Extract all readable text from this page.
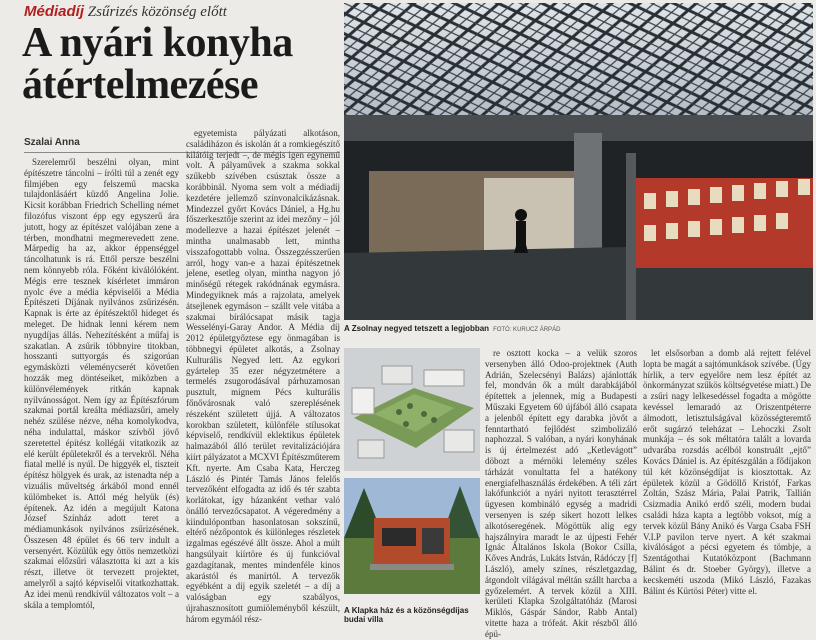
Médiadíj Zsűrizés közönség előtt
A nyári konyha átértelmezése
Szalai Anna

Szerelemről beszélni olyan, mint építészetre táncolni – írólti túl a zenét egy filmjében egy felszemű macska tulajdonlásáért küzdő Angelina Jolie. Kicsit korábban Friedrich Schelling német filozófus viszont épp egy egyszerű ára jutott, hogy az építészet valójában zene a térben, mondhatni megmerevedett zene. Márpedig ha az, akkor éppenséggel táncolhatunk is rá. Ettől persze beszélni nem könnyebb róla. Főként kiválólóként. Mégis erre tesznek kísérletet immáron nyolc éve a média képviselői a Média Építészeti Díjának nyilvános zsűrizésén. Kapnak is érte az építészektől hideget és meleget. De hidnak lenni kérem nem nyugdíjas állás. Nehezítésként a műfaj is szakatlan. A zsűrik többnyire titokban, hosszanti suttyorgás és szigorúan egymásközti véleménycserét követően hozzák meg döntéseiket, miközben a különvélemények ritkán kapnak nyilvánosságot. Nem így az Építészfórum szakmai portál kreálta médiazsűri, amely nehéz szülése nézve, néha komolykodva, néha indulattal, máskor szívből jövő szeretettel építész kollégái vitatkozik az elé került épületekről és a tervekről. Néha fiatal mellé is nyúl. De higgyék el, tiszteit építész hölgyek és urak, az istenadta nép a vizuális műveltség árkából mond ennél külömbeket is. Attól még helyük (és) építenek. Az idén a megújult Katona József Színház adott teret a médiamunkások nyilvános zsűrizésének. Összesen 48 épület és 66 terv indult a versenyért. Közülük egy öttös nemzetközi szakmai előzsűri választotta ki azt a kis részt, illetve öt tervezett projektet, amelyről a sajtó képviselői vitatkozhattak. Az idei menü rendkívül változatos volt – a skála a templomtól,

egyetemista pályázati alkotáson, családiházon és iskolán át a romkiegészítő kilátóig terjedt –, de mégis igen egynemű volt. A pályaművek a szakma sokkal szűkebb szívében csúsztak össze a korábbinál. Nyoma sem volt a médiadíj kezdetére jellemző színvonalcikázásnak. Mindezzel győrt Kovács Dániel, a Hg.hu főszerkesztője szerint az idei mezőny – jól modellezve a hazai építészet jelenét – mintha unalmasabb lett, mintha visszafogottabb volna. Összegzésszerűen arról, hogy van-e a hazai építészetnek jelene, esetleg olyan, mintha nagyon jó minőségű rétegek rakódnának egymásra. Mindegyiknek más a rajzolata, amelyek átsejlenek egymáson – szállt vele vitába a szakmai bírálócsapat másik tagja Wesselényi-Garay Andor. A Média díj 2012 épületgyőztese egy önmagában is többnegyi épületet alkotás, a Zsolnay Kulturális Negyed lett. Az egykori gyártelep 35 ezer négyzetmétere a termelés zsugorodásával párhuzamosan pusztult, mígnem Pécs kulturális főnővárosnak való szereplésének részeként született újjá. A változatos korokban született, különféle stílusokat képviselő, rendkívül eklektikus épületek halmazából álló terület revitalizációjára kiírt pályázatot a MCXVI Építészműterem Kft. nyerte. Am Csaba Kata, Herczeg László és Pintér Tamás János felelős tervezőként elfogadta az idő és tér szabta korlátokat, így házanként vethar való önálló tervezőcsapatot. A végeredmény a kiindulópontban hasonlatosan sokszínű, eltérő nézőpontok és különleges részletek izgalmas egészévé állt össze. Ahol a múlt hangsúlyait kiírtöre és új funkcióval gazdagítanak, mentes mindenféle kinos akarástól és manírtól. A tervezők egyébként a díj egyik szeletét – a díj a valóságban egy szabályos, újrahasznosított gumiöleményből készült, három egymáól rész-

re osztott kocka – a velük szoros versenyben álló Odoo-projektnek (Auth Adrián, Szelecsényi Balázs) ajánlották fel, mondván ők a múlt darabkájából építettek a jelennek, míg a Budapesti Műszaki Egyetem 60 újfából álló csapata a jelenből épített egy darabka jövőt a fenntartható fejlődést szimbolizáló naphozzal. S valóban, a nyári konyhának is új értelmezést adó „Ketlevágott” döbozt a mérnöki lelemény széles tárházát vonultatta fel a hatékony energiafelhasználás érdekében. A téli zárt lakófunkciót a nyári nyitott terasztérrel ügyesen kombináló egység a madridi versenyen is szép sikert hozott lelkes alkotóseregének. Mögöttük alig egy hajszálnyira maradt le az újpesti Fehér Ignác Általános Iskola (Bokor Csilla, Kőves András, Lukáts István, Rádóczy [f] László), amely színes, részletgazdag, átgondolt világával méltán szállt harcba a győzelemért. A tervek közül a XIII. kerületi Klapka Szolgáltatóház (Marosi Miklós, Gáspár Sándor, Rabb Antal) vitette haza a trófeát. Akit részből álló épü-

let elsősorban a domb alá rejtett felével lopta be magát a sajtómunkások szívébe. (Úgy hírlik, a terv egyelőre nem lesz építét az önkormányzat szűkös költségvetése miatt.) De a zsűri nagy lelkesedéssel fogadta a mögötte kevéssel lemaradó az Oriszentpéterre álmodott, letisztulságával közösségteremtő erőt sugárzó teleházat – Lehoczki Zsolt munkája – és sok méltatóra talált a lovarda udvarába rozsdás acélból konstruált „ejtő” Kovács Dániel is. Az építészgálán a fődíjakon túl két közönségdíjat is kiosztottak. Az épületek közül a Gödöllő Kristóf, Farkas Zoltán, Szász Mária, Palai Patrik, Tallián Csizmadia Anikó erdő széli, modern budai családi háza kapta a legtöbb voksot, míg a tervek közül Bány Anikó és Varga Csaba FSH V.I.P pavilon terve nyert. A két szakmai kiválóságot a pécsi egyetem és tömbje, a Szentágothai Kutatóközpont (Bachmann Bálint és dr. Stoeber György), illetve a kecskeméti uszoda (Mikó László, Fazakas Bálint és Kürtösi Péter) vitte el.

A Zsolnay negyed tetszett a legjobban FOTÓ: KURUCZ ÁRPÁD
A Klapka ház és a közönségdíjas budai villa
